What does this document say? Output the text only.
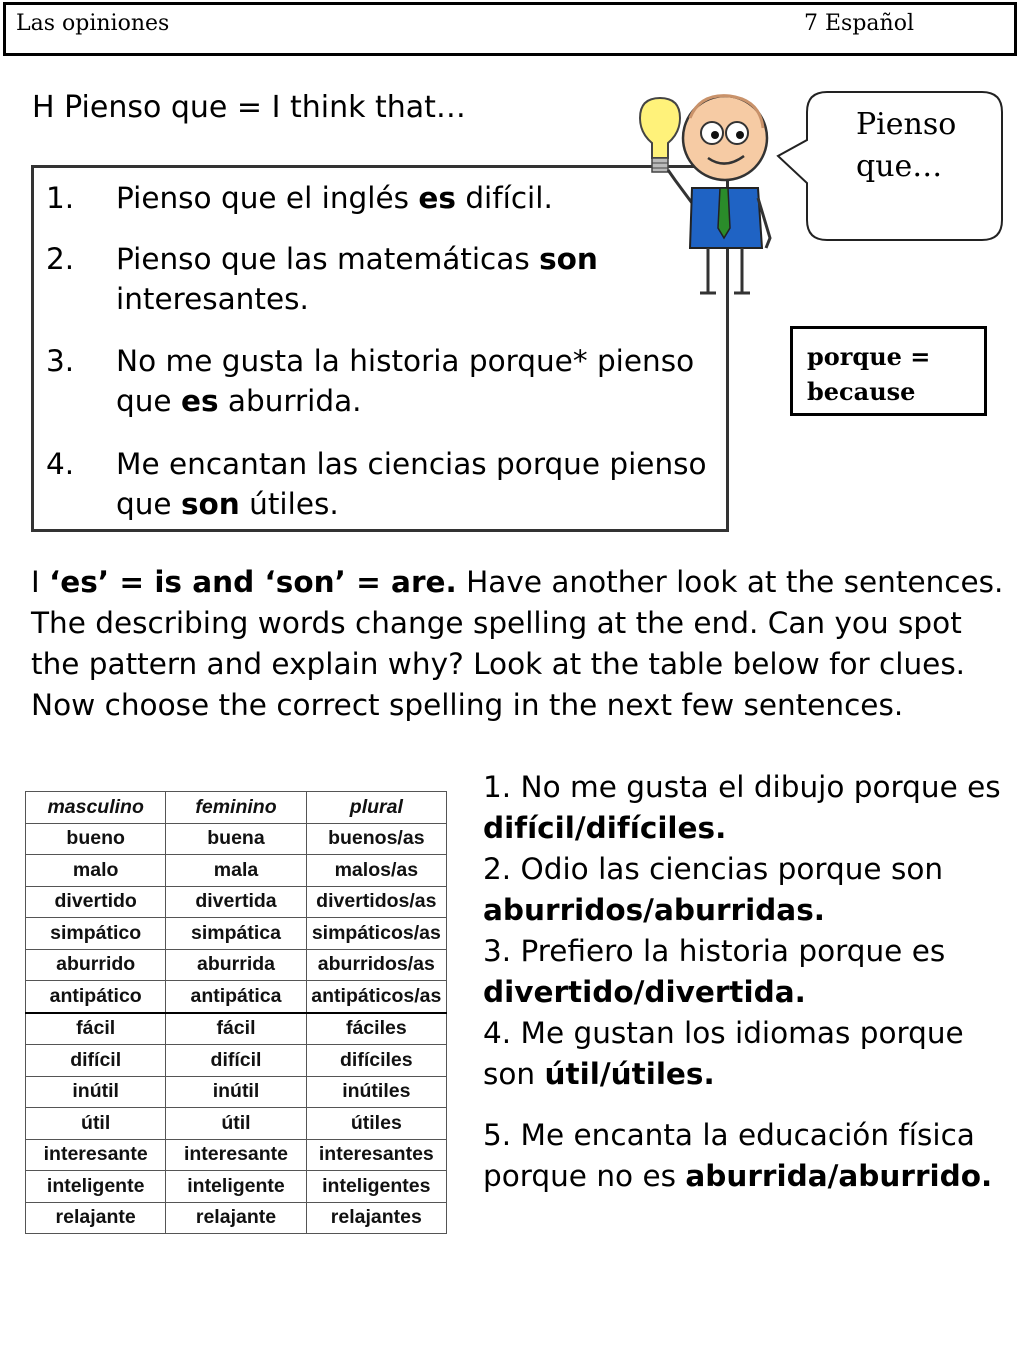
Las opiniones	7 Español
H Pienso que = I think that…
1. Pienso que el inglés es difícil.
2. Pienso que las matemáticas son interesantes.
3. No me gusta la historia porque* pienso que es aburrida.
4. Me encantan las ciencias porque pienso que son útiles.
Pienso
que…
porque =
because
I ‘es’ = is and ‘son’ = are. Have another look at the sentences. The describing words change spelling at the end. Can you spot the pattern and explain why? Look at the table below for clues. Now choose the correct spelling in the next few sentences.
masculino	feminino	plural
bueno	buena	buenos/as
malo	mala	malos/as
divertido	divertida	divertidos/as
simpático	simpática	simpáticos/as
aburrido	aburrida	aburridos/as
antipático	antipática	antipáticos/as
fácil	fácil	fáciles
difícil	difícil	difíciles
inútil	inútil	inútiles
útil	útil	útiles
interesante	interesante	interesantes
inteligente	inteligente	inteligentes
relajante	relajante	relajantes
1. No me gusta el dibujo porque es difícil/difíciles.
2. Odio las ciencias porque son aburridos/aburridas.
3. Prefiero la historia porque es divertido/divertida.
4. Me gustan los idiomas porque son útil/útiles.
5. Me encanta la educación física porque no es aburrida/aburrido.
